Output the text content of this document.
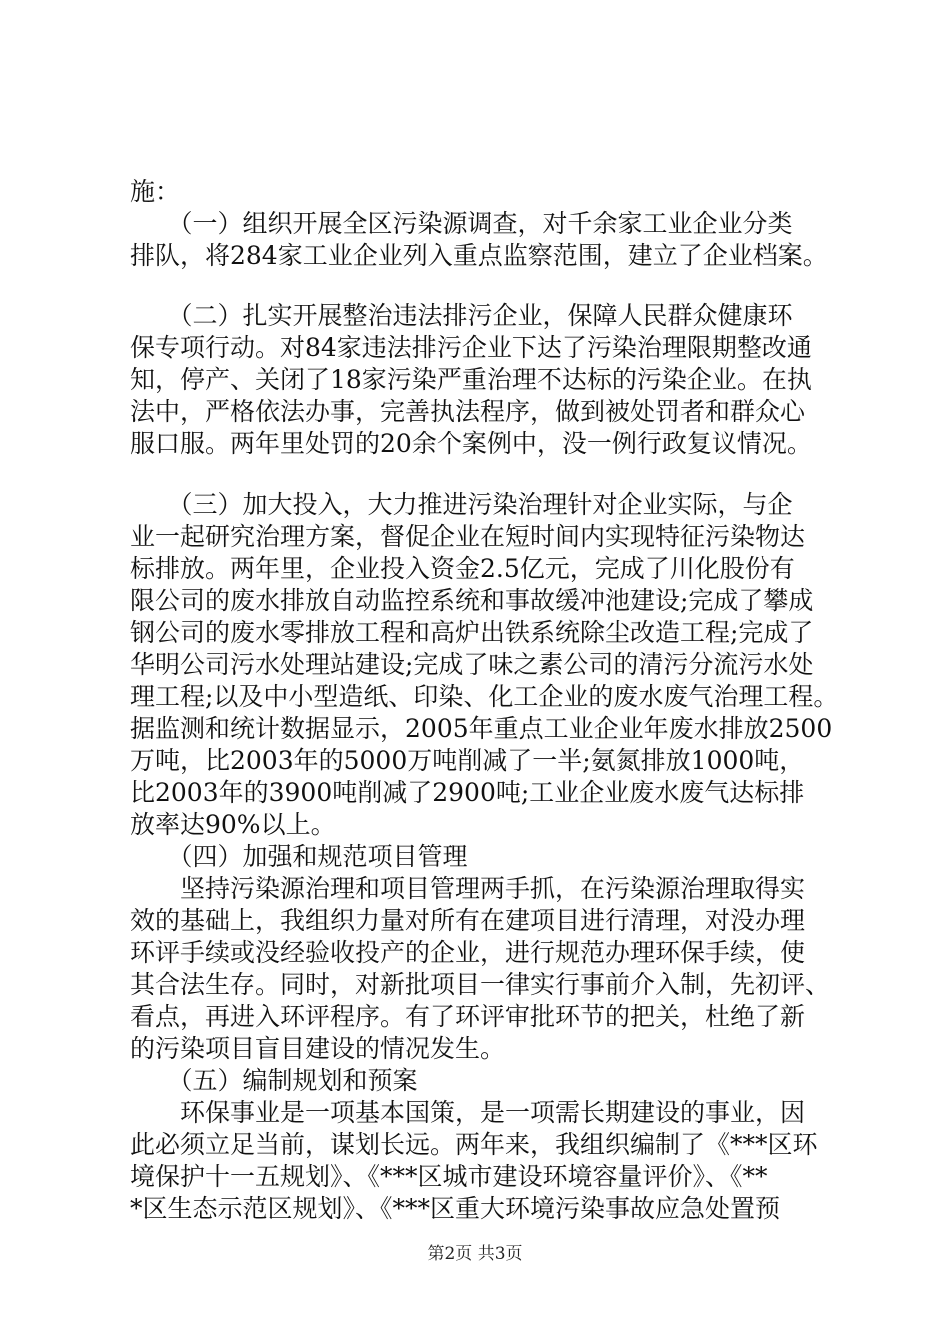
施：
　　（一）组织开展全区污染源调查，对千余家工业企业分类
排队，将284家工业企业列入重点监察范围，建立了企业档案。
　　（二）扎实开展整治违法排污企业，保障人民群众健康环
保专项行动。对84家违法排污企业下达了污染治理限期整改通
知，停产、关闭了18家污染严重治理不达标的污染企业。在执
法中，严格依法办事，完善执法程序，做到被处罚者和群众心
服口服。两年里处罚的20余个案例中，没一例行政复议情况。
　　（三）加大投入，大力推进污染治理针对企业实际，与企
业一起研究治理方案，督促企业在短时间内实现特征污染物达
标排放。两年里，企业投入资金2.5亿元，完成了川化股份有
限公司的废水排放自动监控系统和事故缓冲池建设;完成了攀成
钢公司的废水零排放工程和高炉出铁系统除尘改造工程;完成了
华明公司污水处理站建设;完成了味之素公司的清污分流污水处
理工程;以及中小型造纸、印染、化工企业的废水废气治理工程。
据监测和统计数据显示，2005年重点工业企业年废水排放2500
万吨，比2003年的5000万吨削减了一半;氨氮排放1000吨，
比2003年的3900吨削减了2900吨;工业企业废水废气达标排
放率达90%以上。
　　（四）加强和规范项目管理
　　坚持污染源治理和项目管理两手抓，在污染源治理取得实
效的基础上，我组织力量对所有在建项目进行清理，对没办理
环评手续或没经验收投产的企业，进行规范办理环保手续，使
其合法生存。同时，对新批项目一律实行事前介入制，先初评、
看点，再进入环评程序。有了环评审批环节的把关，杜绝了新
的污染项目盲目建设的情况发生。
　　（五）编制规划和预案
　　环保事业是一项基本国策，是一项需长期建设的事业，因
此必须立足当前，谋划长远。两年来，我组织编制了《***区环
境保护十一五规划》、《***区城市建设环境容量评价》、《**
*区生态示范区规划》、《***区重大环境污染事故应急处置预
第2页 共3页
